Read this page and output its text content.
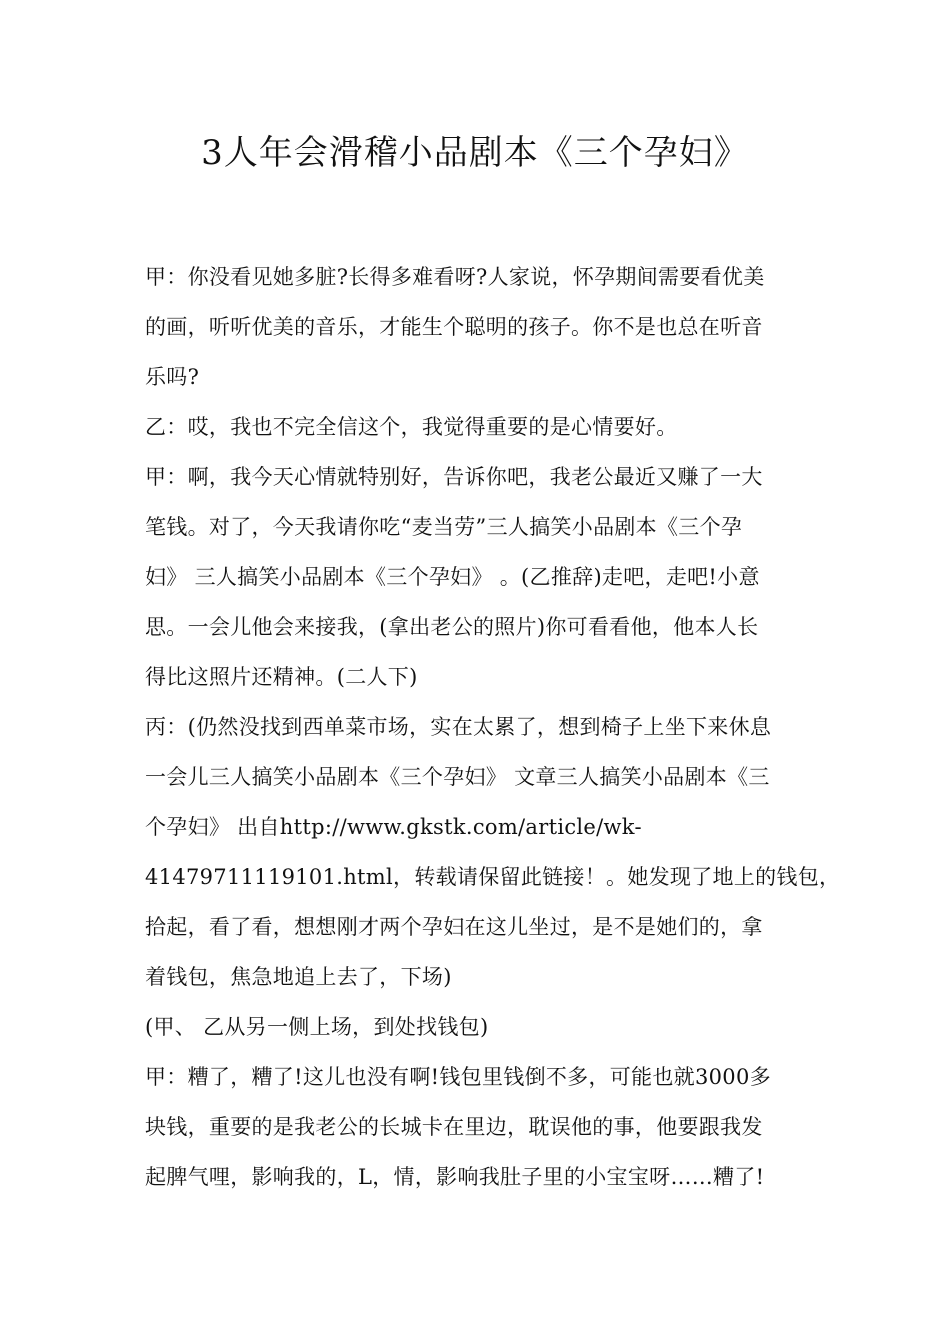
3人年会滑稽小品剧本《三个孕妇》
甲：你没看见她多脏?长得多难看呀?人家说，怀孕期间需要看优美
的画，听听优美的音乐，才能生个聪明的孩子。你不是也总在听音
乐吗?
乙：哎，我也不完全信这个，我觉得重要的是心情要好。
甲：啊，我今天心情就特别好，告诉你吧，我老公最近又赚了一大
笔钱。对了，今天我请你吃“麦当劳”三人搞笑小品剧本《三个孕
妇》 三人搞笑小品剧本《三个孕妇》 。(乙推辞)走吧，走吧!小意
思。一会儿他会来接我，(拿出老公的照片)你可看看他，他本人长
得比这照片还精神。(二人下)
丙：(仍然没找到西单菜市场，实在太累了，想到椅子上坐下来休息
一会儿三人搞笑小品剧本《三个孕妇》 文章三人搞笑小品剧本《三
个孕妇》 出自http://www.gkstk.com/article/wk-
41479711119101.html，转载请保留此链接！。她发现了地上的钱包，
拾起，看了看，想想刚才两个孕妇在这儿坐过，是不是她们的，拿
着钱包，焦急地追上去了，下场)
(甲、 乙从另一侧上场，到处找钱包)
甲：糟了，糟了!这儿也没有啊!钱包里钱倒不多，可能也就3000多
块钱，重要的是我老公的长城卡在里边，耽误他的事，他要跟我发
起脾气哩，影响我的，L，情，影响我肚子里的小宝宝呀……糟了!
